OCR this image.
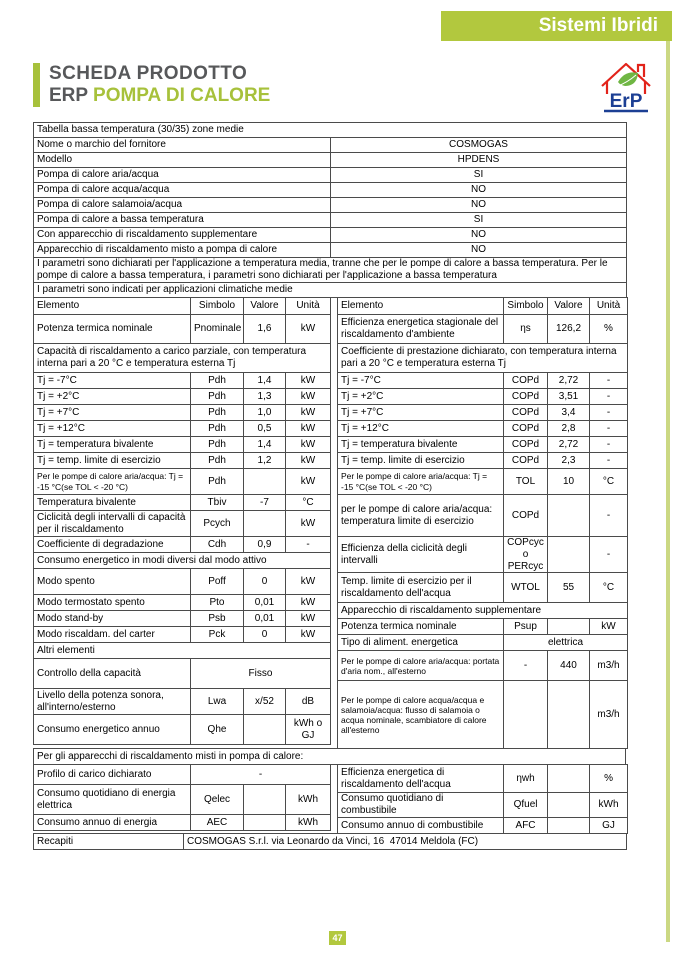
Sistemi Ibridi
SCHEDA PRODOTTO
ERP POMPA DI CALORE	ErP
Tabella bassa temperatura (30/35) zone medie	
Nome o marchio del fornitore	COSMOGAS
Modello	HPDENS
Pompa di calore aria/acqua	SI
Pompa di calore acqua/acqua	NO
Pompa di calore salamoia/acqua	NO
Pompa di calore a bassa temperatura	SI
Con apparecchio di riscaldamento supplementare	NO
Apparecchio di riscaldamento misto a pompa di calore	NO
I parametri sono dichiarati per l'applicazione a temperatura media, tranne che per le pompe di calore a bassa temperatura. Per le pompe di calore a bassa temperatura, i parametri sono dichiarati per l'applicazione a bassa temperatura	
I parametri sono indicati per applicazioni climatiche medie	
Elemento	Simbolo	Valore	Unità
Potenza termica nominale	Pnominale	1,6	kW
Capacità di riscaldamento a carico parziale, con temperatura interna pari a 20 °C e temperatura esterna Tj			
Tj = -7°C	Pdh	1,4	kW
Tj = +2°C	Pdh	1,3	kW
Tj = +7°C	Pdh	1,0	kW
Tj = +12°C	Pdh	0,5	kW
Tj = temperatura bivalente	Pdh	1,4	kW
Tj = temp. limite di esercizio	Pdh	1,2	kW
Per le pompe di calore aria/acqua: Tj = -15 °C(se TOL < -20 °C)	Pdh		kW
Temperatura bivalente	Tbiv	-7	°C
Ciclicità degli intervalli di capacità per il riscaldamento	Pcych		kW
Coefficiente di degradazione	Cdh	0,9	-
Consumo energetico in modi diversi dal modo attivo			
Modo spento	Poff	0	kW
Modo termostato spento	Pto	0,01	kW
Modo stand-by	Psb	0,01	kW
Modo riscaldam. del carter	Pck	0	kW
Altri elementi			
Controllo della capacità	Fisso		
Livello della potenza sonora, all'interno/esterno	Lwa	x/52	dB
Consumo energetico annuo	Qhe		kWh o GJ
Elemento	Simbolo	Valore	Unità
Efficienza energetica stagionale del riscaldamento d'ambiente	ηs	126,2	%
Coefficiente di prestazione dichiarato, con temperatura interna pari a 20 °C e temperatura esterna Tj			
Tj = -7°C	COPd	2,72	-
Tj = +2°C	COPd	3,51	-
Tj = +7°C	COPd	3,4	-
Tj = +12°C	COPd	2,8	-
Tj = temperatura bivalente	COPd	2,72	-
Tj = temp. limite di esercizio	COPd	2,3	-
Per le pompe di calore aria/acqua: Tj = -15 °C(se TOL < -20 °C)	TOL	10	°C
per le pompe di calore aria/acqua: temperatura limite di esercizio	COPd		-
Efficienza della ciclicità degli intervalli	COPcyc o PERcyc		-
Temp. limite di esercizio per il riscaldamento dell'acqua	WTOL	55	°C
Apparecchio di riscaldamento supplementare			
Potenza termica nominale	Psup		kW
Tipo di aliment. energetica	elettrica		
Per le pompe di calore aria/acqua: portata d'aria nom., all'esterno	-	440	m3/h
Per le pompe di calore acqua/acqua e salamoia/acqua: flusso di salamoia o acqua nominale, scambiatore di calore all'esterno			m3/h
Per gli apparecchi di riscaldamento misti in pompa di calore:
Profilo di carico dichiarato	-		
Consumo quotidiano di energia elettrica	Qelec		kWh
Consumo annuo di energia	AEC		kWh
Efficienza energetica di riscaldamento dell'acqua	ηwh		%
Consumo quotidiano di combustibile	Qfuel		kWh
Consumo annuo di combustibile	AFC		GJ
Recapiti	COSMOGAS S.r.l. via Leonardo da Vinci, 16  47014 Meldola (FC)
47
